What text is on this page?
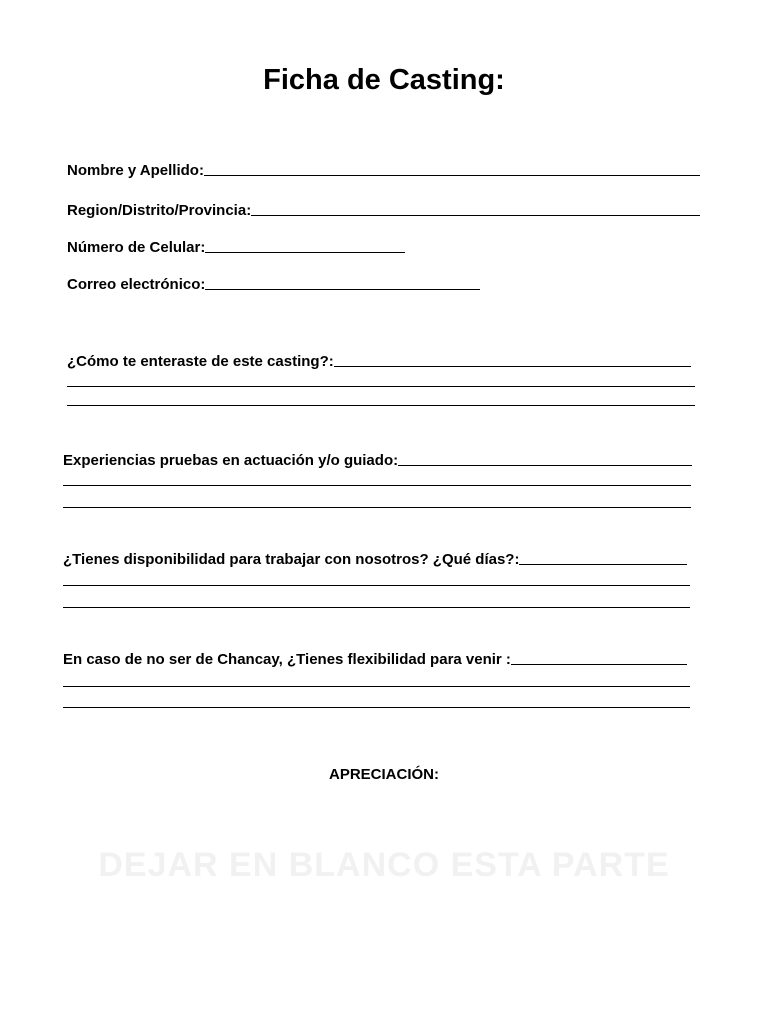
Ficha de Casting:
Nombre y Apellido:
Region/Distrito/Provincia:
Número de Celular:
Correo electrónico:
¿Cómo te enteraste de este casting?:
Experiencias pruebas en actuación y/o guiado:
¿Tienes disponibilidad para trabajar con nosotros? ¿Qué días?:
En caso de no ser de Chancay, ¿Tienes flexibilidad para venir :
APRECIACIÓN:
DEJAR EN BLANCO ESTA PARTE
